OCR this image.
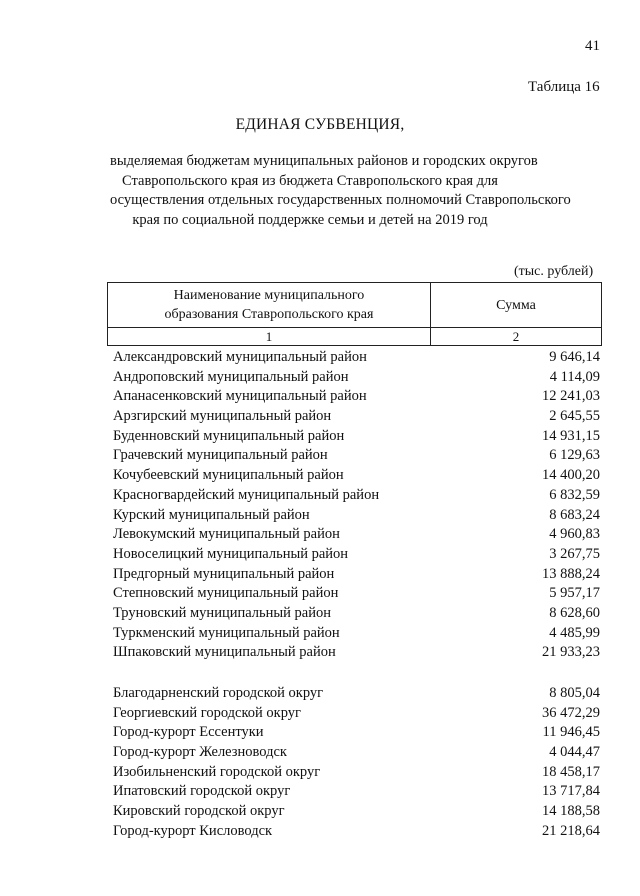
41
Таблица 16
ЕДИНАЯ СУБВЕНЦИЯ,
выделяемая бюджетам муниципальных районов и городских округов
Ставропольского края из бюджета Ставропольского края для
осуществления отдельных государственных полномочий Ставропольского
края по социальной поддержке семьи и детей на 2019 год
(тыс. рублей)
Наименование муниципального
образования Ставропольского края	Сумма
1	2
Александровский муниципальный район	9 646,14
Андроповский муниципальный район	4 114,09
Апанасенковский муниципальный район	12 241,03
Арзгирский муниципальный район	2 645,55
Буденновский муниципальный район	14 931,15
Грачевский муниципальный район	6 129,63
Кочубеевский муниципальный район	14 400,20
Красногвардейский муниципальный район	6 832,59
Курский муниципальный район	8 683,24
Левокумский муниципальный район	4 960,83
Новоселицкий муниципальный район	3 267,75
Предгорный муниципальный район	13 888,24
Степновский муниципальный район	5 957,17
Труновский муниципальный район	8 628,60
Туркменский муниципальный район	4 485,99
Шпаковский муниципальный район	21 933,23
Благодарненский городской округ	8 805,04
Георгиевский городской округ	36 472,29
Город-курорт Ессентуки	11 946,45
Город-курорт Железноводск	4 044,47
Изобильненский городской округ	18 458,17
Ипатовский городской округ	13 717,84
Кировский городской округ	14 188,58
Город-курорт Кисловодск	21 218,64
